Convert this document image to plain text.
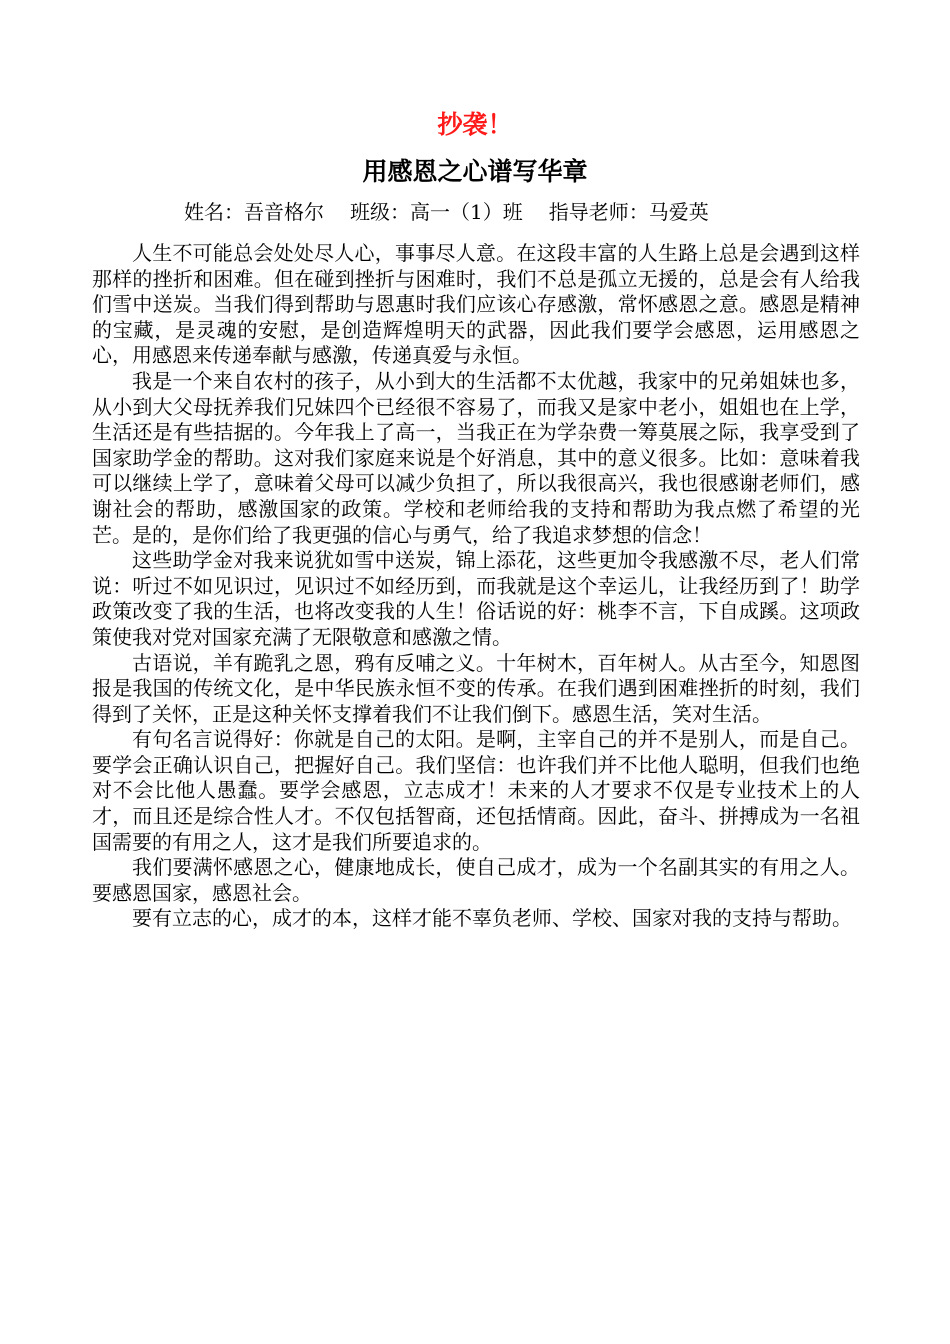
抄袭！
用感恩之心谱写华章
姓名：吾音格尔 班级：高一（1）班 指导老师：马爱英

人生不可能总会处处尽人心，事事尽人意。在这段丰富的人生路上总是会遇到这样那样的挫折和困难。但在碰到挫折与困难时，我们不总是孤立无援的，总是会有人给我们雪中送炭。当我们得到帮助与恩惠时我们应该心存感激，常怀感恩之意。感恩是精神的宝藏，是灵魂的安慰，是创造辉煌明天的武器，因此我们要学会感恩，运用感恩之心，用感恩来传递奉献与感激，传递真爱与永恒。

我是一个来自农村的孩子，从小到大的生活都不太优越，我家中的兄弟姐妹也多，从小到大父母抚养我们兄妹四个已经很不容易了，而我又是家中老小，姐姐也在上学，生活还是有些拮据的。今年我上了高一，当我正在为学杂费一筹莫展之际，我享受到了国家助学金的帮助。这对我们家庭来说是个好消息，其中的意义很多。比如：意味着我可以继续上学了，意味着父母可以减少负担了，所以我很高兴，我也很感谢老师们，感谢社会的帮助，感激国家的政策。学校和老师给我的支持和帮助为我点燃了希望的光芒。是的，是你们给了我更强的信心与勇气，给了我追求梦想的信念！

这些助学金对我来说犹如雪中送炭，锦上添花，这些更加令我感激不尽，老人们常说：听过不如见识过，见识过不如经历到，而我就是这个幸运儿，让我经历到了！助学政策改变了我的生活，也将改变我的人生！俗话说的好：桃李不言，下自成蹊。这项政策使我对党对国家充满了无限敬意和感激之情。

古语说，羊有跪乳之恩，鸦有反哺之义。十年树木，百年树人。从古至今，知恩图报是我国的传统文化，是中华民族永恒不变的传承。在我们遇到困难挫折的时刻，我们得到了关怀，正是这种关怀支撑着我们不让我们倒下。感恩生活，笑对生活。

有句名言说得好：你就是自己的太阳。是啊，主宰自己的并不是别人，而是自己。要学会正确认识自己，把握好自己。我们坚信：也许我们并不比他人聪明，但我们也绝对不会比他人愚蠢。要学会感恩，立志成才！未来的人才要求不仅是专业技术上的人才，而且还是综合性人才。不仅包括智商，还包括情商。因此，奋斗、拼搏成为一名祖国需要的有用之人，这才是我们所要追求的。

我们要满怀感恩之心，健康地成长，使自己成才，成为一个名副其实的有用之人。要感恩国家，感恩社会。

要有立志的心，成才的本，这样才能不辜负老师、学校、国家对我的支持与帮助。
